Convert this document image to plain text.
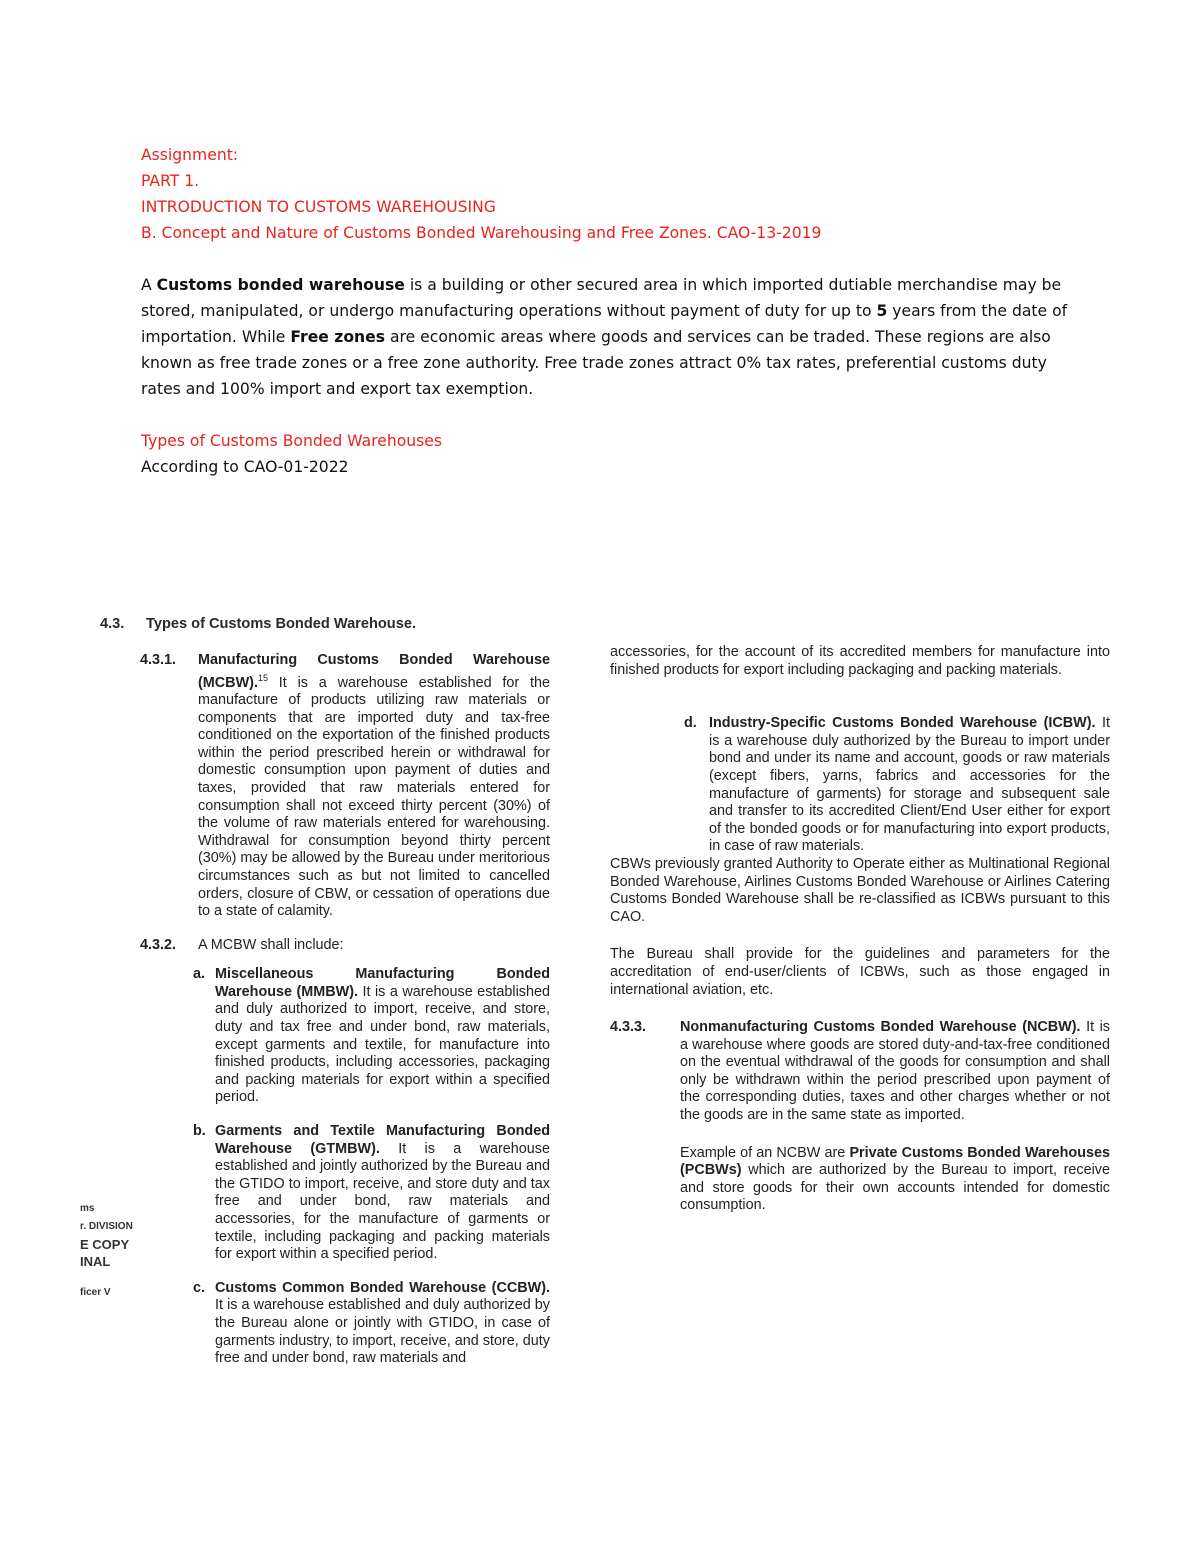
Assignment:

PART 1.

INTRODUCTION TO CUSTOMS WAREHOUSING

B. Concept and Nature of Customs Bonded Warehousing and Free Zones. CAO-13-2019

A Customs bonded warehouse is a building or other secured area in which imported dutiable merchandise may be stored, manipulated, or undergo manufacturing operations without payment of duty for up to 5 years from the date of importation. While Free zones are economic areas where goods and services can be traded. These regions are also known as free trade zones or a free zone authority. Free trade zones attract 0% tax rates, preferential customs duty rates and 100% import and export tax exemption.

Types of Customs Bonded Warehouses

According to CAO-01-2022

4.3. Types of Customs Bonded Warehouse.
4.3.1. Manufacturing Customs Bonded Warehouse (MCBW).$^{15}$ It is a warehouse established for the manufacture of products utilizing raw materials or components that are imported duty and tax-free conditioned on the exportation of the finished products within the period prescribed herein or withdrawal for domestic consumption upon payment of duties and taxes, provided that raw materials entered for consumption shall not exceed thirty percent (30%) of the volume of raw materials entered for warehousing. Withdrawal for consumption beyond thirty percent (30%) may be allowed by the Bureau under meritorious circumstances such as but not limited to cancelled orders, closure of CBW, or cessation of operations due to a state of calamity.

4.3.2. A MCBW shall include:

a. Miscellaneous Manufacturing Bonded Warehouse (MMBW). It is a warehouse established and duly authorized to import, receive, and store, duty and tax free and under bond, raw materials, except garments and textile, for manufacture into finished products, including accessories, packaging and packing materials for export within a specified period.

b. Garments and Textile Manufacturing Bonded Warehouse (GTMBW). It is a warehouse established and jointly authorized by the Bureau and the GTIDO to import, receive, and store duty and tax free and under bond, raw materials and accessories, for the manufacture of garments or textile, including packaging and packing materials for export within a specified period.

c. Customs Common Bonded Warehouse (CCBW). It is a warehouse established and duly authorized by the Bureau alone or jointly with GTIDO, in case of garments industry, to import, receive, and store, duty free and under bond, raw materials and

accessories, for the account of its accredited members for manufacture into finished products for export including packaging and packing materials.

d. Industry-Specific Customs Bonded Warehouse (ICBW). It is a warehouse duly authorized by the Bureau to import under bond and under its name and account, goods or raw materials (except fibers, yarns, fabrics and accessories for the manufacture of garments) for storage and subsequent sale and transfer to its accredited Client/End User either for export of the bonded goods or for manufacturing into export products, in case of raw materials.

CBWs previously granted Authority to Operate either as Multinational Regional Bonded Warehouse, Airlines Customs Bonded Warehouse or Airlines Catering Customs Bonded Warehouse shall be re-classified as ICBWs pursuant to this CAO.

The Bureau shall provide for the guidelines and parameters for the accreditation of end-user/clients of ICBWs, such as those engaged in international aviation, etc.

4.3.3. Nonmanufacturing Customs Bonded Warehouse (NCBW). It is a warehouse where goods are stored duty-and-tax-free conditioned on the eventual withdrawal of the goods for consumption and shall only be withdrawn within the period prescribed upon payment of the corresponding duties, taxes and other charges whether or not the goods are in the same state as imported.

Example of an NCBW are Private Customs Bonded Warehouses (PCBWs) which are authorized by the Bureau to import, receive and store goods for their own accounts intended for domestic consumption.

ms
r. DIVISION
E COPY
INAL
ficer V
